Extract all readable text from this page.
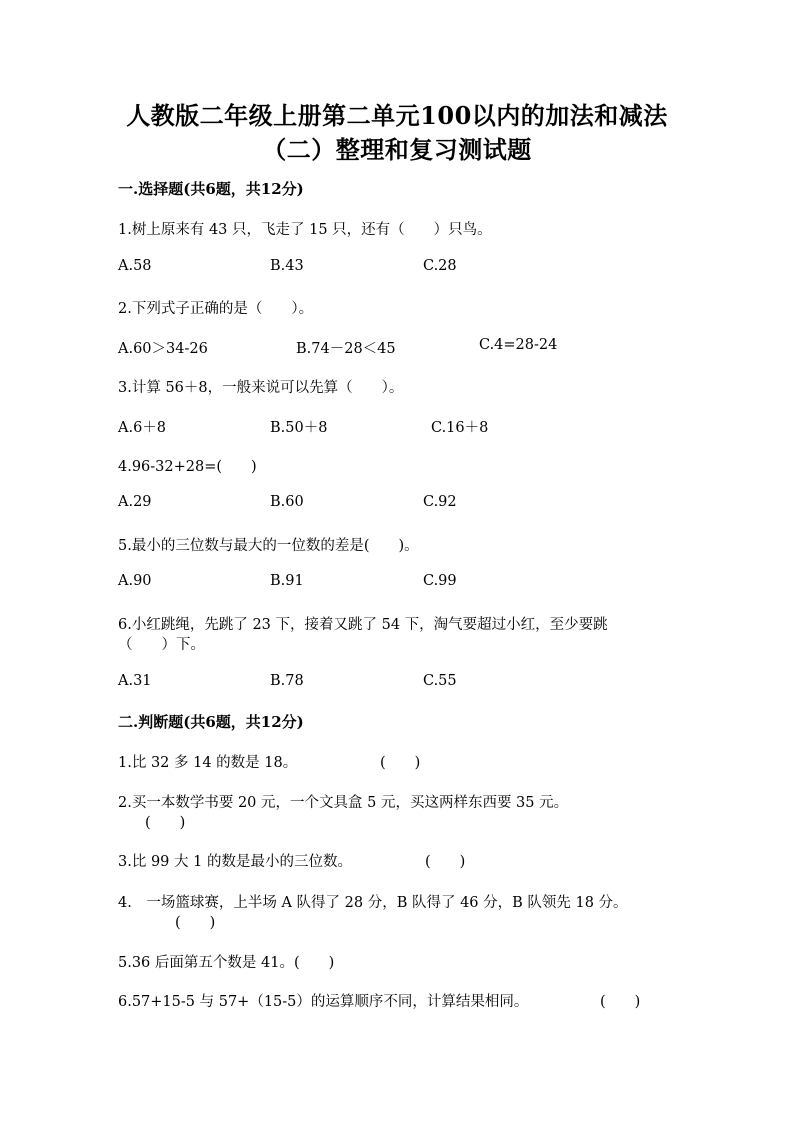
人教版二年级上册第二单元100以内的加法和减法
（二）整理和复习测试题
一.选择题(共6题，共12分)
1.树上原来有 43 只，飞走了 15 只，还有（　　）只鸟。
A.58	B.43	C.28
2.下列式子正确的是（　　）。
A.60＞34-26	B.74－28＜45	C.4=28-24
3.计算 56＋8，一般来说可以先算（　　）。
A.6＋8	B.50＋8	C.16＋8
4.96-32+28=(　　)
A.29	B.60	C.92
5.最小的三位数与最大的一位数的差是(　　)。
A.90	B.91	C.99
6.小红跳绳，先跳了 23 下，接着又跳了 54 下，淘气要超过小红，至少要跳
（　　）下。
A.31	B.78	C.55
二.判断题(共6题，共12分)
1.比 32 多 14 的数是 18。	(　　)
2.买一本数学书要 20 元，一个文具盒 5 元，买这两样东西要 35 元。
(　　)
3.比 99 大 1 的数是最小的三位数。	(　　)
4.　一场篮球赛，上半场 A 队得了 28 分，B 队得了 46 分，B 队领先 18 分。
(　　)
5.36 后面第五个数是 41。(　　)
6.57+15-5 与 57+（15-5）的运算顺序不同，计算结果相同。	(　　)
